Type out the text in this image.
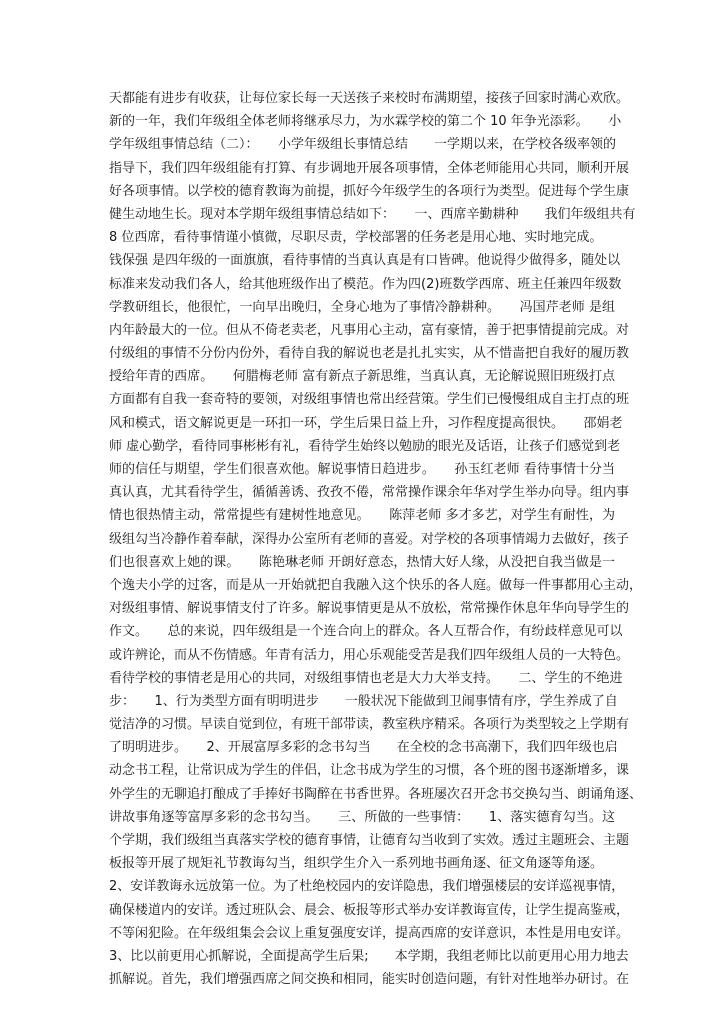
天都能有进步有收获，让每位家长每一天送孩子来校时布满期望，接孩子回家时满心欢欣。
新的一年，我们年级组全体老师将继承尽力，为水霖学校的第二个 10 年争光添彩。　　小
学年级组事情总结（二）：　　小学年级组长事情总结　　一学期以来，在学校各级率领的
指导下，我们四年级组能有打算、有步调地开展各项事情，全体老师能用心共同，顺利开展
好各项事情。以学校的德育教诲为前提，抓好今年级学生的各项行为类型。促进每个学生康
健生动地生长。现对本学期年级组事情总结如下：　　一、西席辛勤耕种　　我们年级组共有
8 位西席，看待事情谨小慎微，尽职尽责，学校部署的任务老是用心地、实时地完成。
钱保强 是四年级的一面旗旗，看待事情的当真认真是有口皆碑。他说得少做得多，随处以
标准来发动我们各人，给其他班级作出了模范。作为四(2)班数学西席、班主任兼四年级数
学教研组长，他很忙，一向早出晚归，全身心地为了事情冷静耕种。　　冯国芹老师 是组
内年龄最大的一位。但从不倚老卖老，凡事用心主动，富有豪情，善于把事情提前完成。对
付级组的事情不分份内份外，看待自我的解说也老是扎扎实实，从不惜啬把自我好的履历教
授给年青的西席。　　何腊梅老师 富有新点子新思维，当真认真，无论解说照旧班级打点
方面都有自我一套奇特的要领，对级组事情也常出经营策。学生们已慢慢组成自主打点的班
风和模式，语文解说更是一环扣一环，学生后果日益上升，习作程度提高很快。　　邵娟老
师 虚心勤学，看待同事彬彬有礼，看待学生始终以勉励的眼光及话语，让孩子们感觉到老
师的信任与期望，学生们很喜欢他。解说事情日趋进步。　　孙玉红老师 看待事情十分当
真认真，尤其看待学生，循循善诱、孜孜不倦，常常操作课余年华对学生举办向导。组内事
情也很热情主动，常常提些有建树性地意见。　　陈萍老师 多才多艺，对学生有耐性，为
级组勾当冷静作着奉献，深得办公室所有老师的喜爱。对学校的各项事情竭力去做好，孩子
们也很喜欢上她的课。　　陈艳琳老师 开朗好意态，热情大好人缘，从没把自我当做是一
个逸夫小学的过客，而是从一开始就把自我融入这个快乐的各人庭。做每一件事都用心主动，
对级组事情、解说事情支付了许多。解说事情更是从不放松，常常操作休息年华向导学生的
作文。　　总的来说，四年级组是一个连合向上的群众。各人互帮合作，有纷歧样意见可以
或许辨论，而从不伤情感。年青有活力，用心乐观能受苦是我们四年级组人员的一大特色。
看待学校的事情老是用心的共同，对级组事情也老是大力大举支持。　　二、学生的不绝进
步：　　1、行为类型方面有明明进步　　一般状况下能做到卫闹事情有序，学生养成了自
觉洁净的习惯。早读自觉到位，有班干部带读，教室秩序精采。各项行为类型较之上学期有
了明明进步。　　2、开展富厚多彩的念书勾当　　在全校的念书高潮下，我们四年级也启
动念书工程，让常识成为学生的伴侣，让念书成为学生的习惯，各个班的图书逐渐增多，课
外学生的无聊追打酿成了手捧好书陶醉在书香世界。各班屡次召开念书交换勾当、朗诵角逐、
讲故事角逐等富厚多彩的念书勾当。　　三、所做的一些事情：　　1、落实德育勾当。这
个学期，我们级组当真落实学校的德育事情，让德育勾当收到了实效。透过主题班会、主题
板报等开展了规矩礼节教诲勾当，组织学生介入一系列地书画角逐、征文角逐等角逐。
2、安详教诲永远放第一位。为了杜绝校园内的安详隐患，我们增强楼层的安详巡视事情，
确保楼道内的安详。透过班队会、晨会、板报等形式举办安详教诲宣传，让学生提高鉴戒，
不等闲犯险。在年级组集会会议上重复强度安详，提高西席的安详意识，本性是用电安详。
3、比以前更用心抓解说，全面提高学生后果;　　本学期，我组老师比以前更用心用力地去
抓解说。首先，我们增强西席之间交换和相同，能实时创造问题，有针对性地举办研讨。在
